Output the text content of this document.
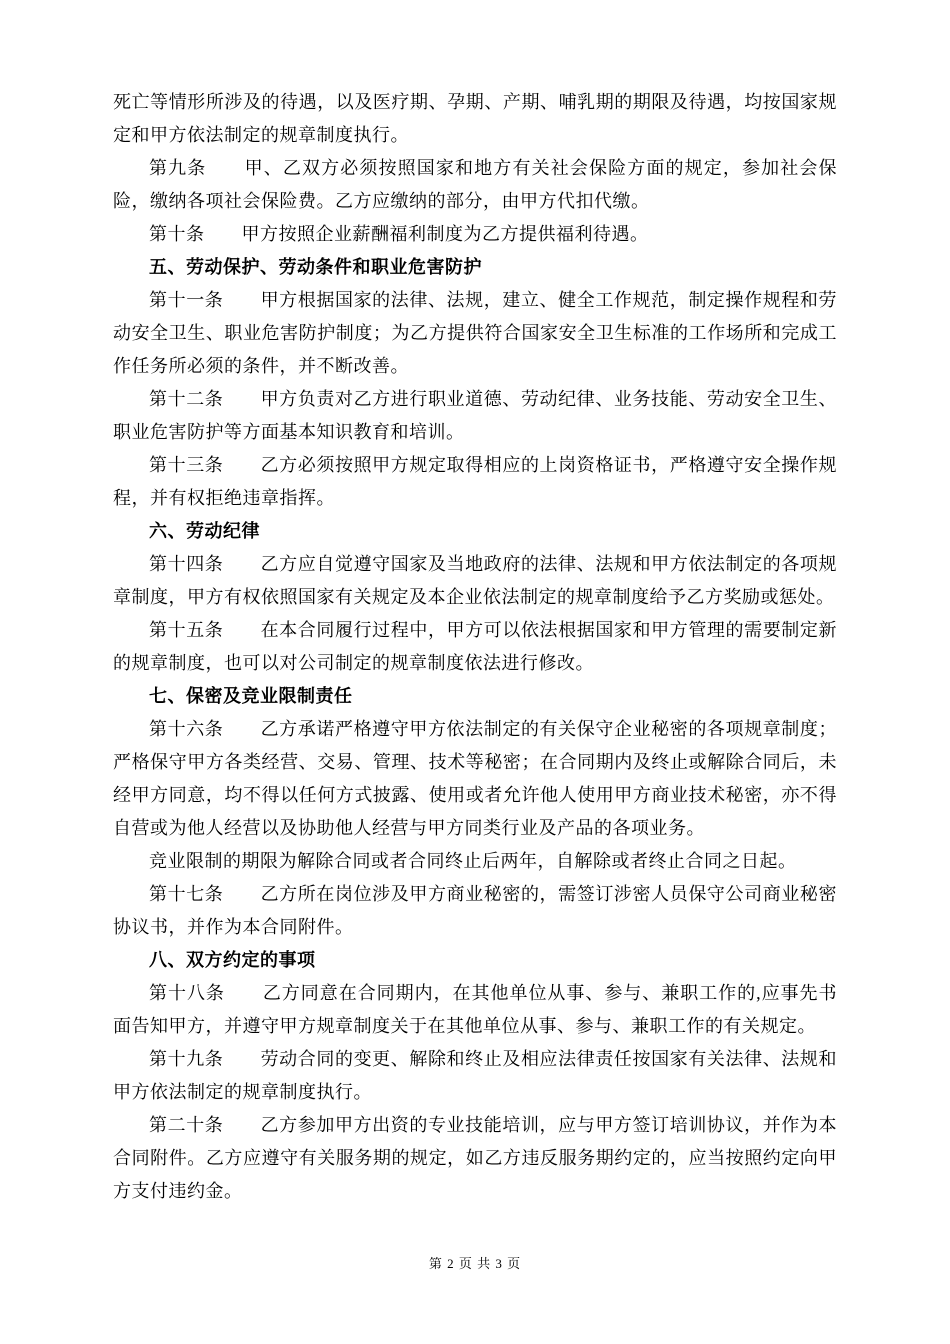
死亡等情形所涉及的待遇，以及医疗期、孕期、产期、哺乳期的期限及待遇，均按国家规定和甲方依法制定的规章制度执行。

第九条　　甲、乙双方必须按照国家和地方有关社会保险方面的规定，参加社会保险，缴纳各项社会保险费。乙方应缴纳的部分，由甲方代扣代缴。

第十条　　甲方按照企业薪酬福利制度为乙方提供福利待遇。

五、劳动保护、劳动条件和职业危害防护

第十一条　　甲方根据国家的法律、法规，建立、健全工作规范，制定操作规程和劳动安全卫生、职业危害防护制度；为乙方提供符合国家安全卫生标准的工作场所和完成工作任务所必须的条件，并不断改善。

第十二条　　甲方负责对乙方进行职业道德、劳动纪律、业务技能、劳动安全卫生、职业危害防护等方面基本知识教育和培训。

第十三条　　乙方必须按照甲方规定取得相应的上岗资格证书，严格遵守安全操作规程，并有权拒绝违章指挥。

六、劳动纪律

第十四条　　乙方应自觉遵守国家及当地政府的法律、法规和甲方依法制定的各项规章制度，甲方有权依照国家有关规定及本企业依法制定的规章制度给予乙方奖励或惩处。

第十五条　　在本合同履行过程中，甲方可以依法根据国家和甲方管理的需要制定新的规章制度，也可以对公司制定的规章制度依法进行修改。

七、保密及竞业限制责任

第十六条　　乙方承诺严格遵守甲方依法制定的有关保守企业秘密的各项规章制度；严格保守甲方各类经营、交易、管理、技术等秘密；在合同期内及终止或解除合同后，未经甲方同意，均不得以任何方式披露、使用或者允许他人使用甲方商业技术秘密，亦不得自营或为他人经营以及协助他人经营与甲方同类行业及产品的各项业务。

竞业限制的期限为解除合同或者合同终止后两年，自解除或者终止合同之日起。

第十七条　　乙方所在岗位涉及甲方商业秘密的，需签订涉密人员保守公司商业秘密协议书，并作为本合同附件。

八、双方约定的事项

第十八条　　乙方同意在合同期内，在其他单位从事、参与、兼职工作的,应事先书面告知甲方，并遵守甲方规章制度关于在其他单位从事、参与、兼职工作的有关规定。

第十九条　　劳动合同的变更、解除和终止及相应法律责任按国家有关法律、法规和甲方依法制定的规章制度执行。

第二十条　　乙方参加甲方出资的专业技能培训，应与甲方签订培训协议，并作为本合同附件。乙方应遵守有关服务期的规定，如乙方违反服务期约定的，应当按照约定向甲方支付违约金。

第 2 页 共 3 页
